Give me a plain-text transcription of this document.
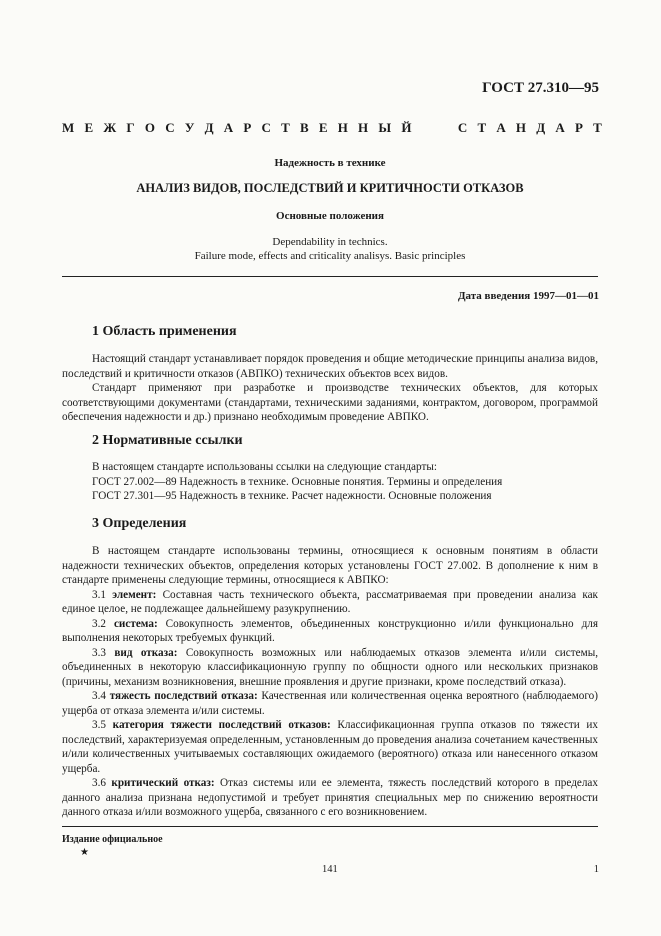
ГОСТ 27.310—95
М Е Ж Г О С У Д А Р С Т В Е Н Н Ы Й	С Т А Н Д А Р Т
Надежность в технике
АНАЛИЗ ВИДОВ, ПОСЛЕДСТВИЙ И КРИТИЧНОСТИ ОТКАЗОВ
Основные положения
Dependability in technics.
Failure mode, effects and criticality analisys. Basic principles
Дата введения 1997—01—01
1 Область применения

Настоящий стандарт устанавливает порядок проведения и общие методические принципы анализа видов, последствий и критичности отказов (АВПКО) технических объектов всех видов.

Стандарт применяют при разработке и производстве технических объектов, для которых соответствующими документами (стандартами, техническими заданиями, контрактом, договором, программой обеспечения надежности и др.) признано необходимым проведение АВПКО.

2 Нормативные ссылки

В настоящем стандарте использованы ссылки на следующие стандарты:

ГОСТ 27.002—89 Надежность в технике. Основные понятия. Термины и определения

ГОСТ 27.301—95 Надежность в технике. Расчет надежности. Основные положения

3 Определения

В настоящем стандарте использованы термины, относящиеся к основным понятиям в области надежности технических объектов, определения которых установлены ГОСТ 27.002. В дополнение к ним в стандарте применены следующие термины, относящиеся к АВПКО:

3.1 элемент: Составная часть технического объекта, рассматриваемая при проведении анализа как единое целое, не подлежащее дальнейшему разукрупнению.

3.2 система: Совокупность элементов, объединенных конструкционно и/или функционально для выполнения некоторых требуемых функций.

3.3 вид отказа: Совокупность возможных или наблюдаемых отказов элемента и/или системы, объединенных в некоторую классификационную группу по общности одного или нескольких признаков (причины, механизм возникновения, внешние проявления и другие признаки, кроме последствий отказа).

3.4 тяжесть последствий отказа: Качественная или количественная оценка вероятного (наблюдаемого) ущерба от отказа элемента и/или системы.

3.5 категория тяжести последствий отказов: Классификационная группа отказов по тяжести их последствий, характеризуемая определенным, установленным до проведения анализа сочетанием качественных и/или количественных учитываемых составляющих ожидаемого (вероятного) отказа или нанесенного отказом ущерба.

3.6 критический отказ: Отказ системы или ее элемента, тяжесть последствий которого в пределах данного анализа признана недопустимой и требует принятия специальных мер по снижению вероятности данного отказа и/или возможного ущерба, связанного с его возникновением.

Издание официальное
★
141	1
